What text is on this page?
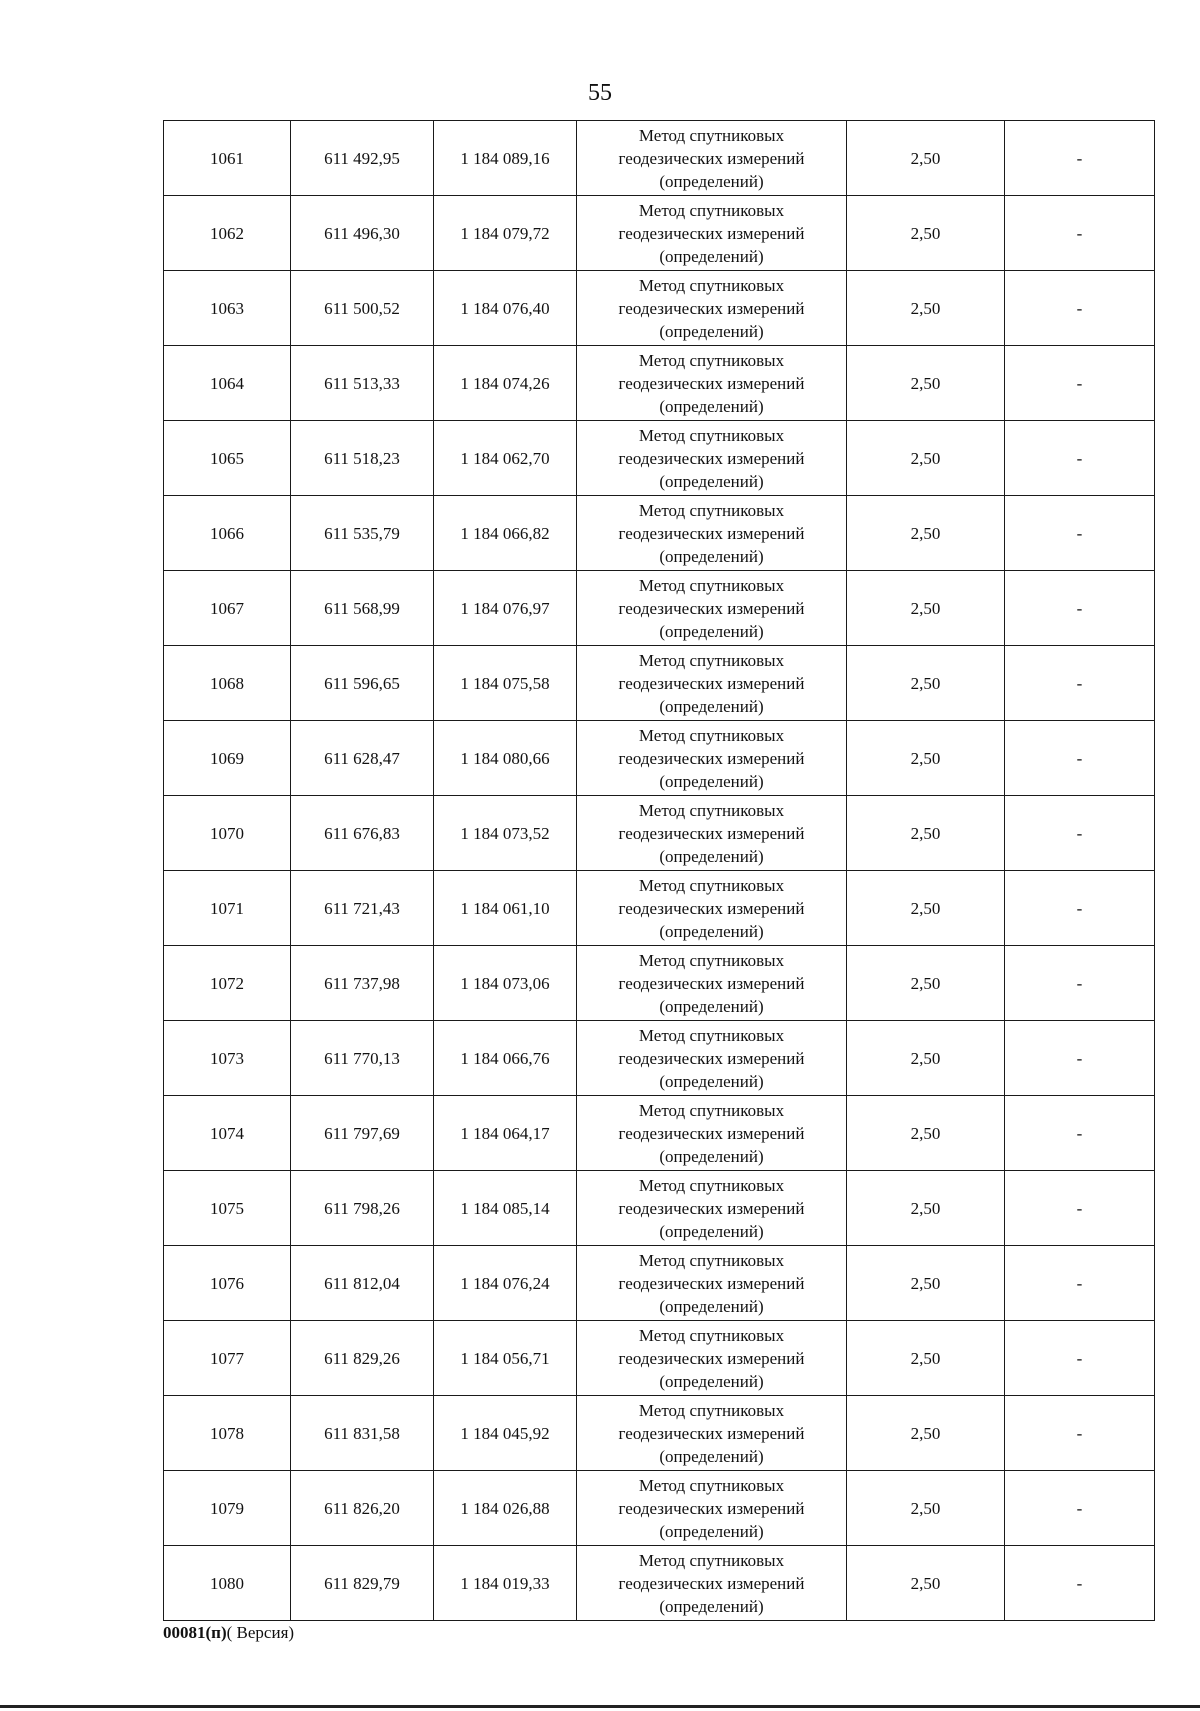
55
1061	611 492,95	1 184 089,16	Метод спутниковых
геодезических измерений
(определений)	2,50	-
1062	611 496,30	1 184 079,72	Метод спутниковых
геодезических измерений
(определений)	2,50	-
1063	611 500,52	1 184 076,40	Метод спутниковых
геодезических измерений
(определений)	2,50	-
1064	611 513,33	1 184 074,26	Метод спутниковых
геодезических измерений
(определений)	2,50	-
1065	611 518,23	1 184 062,70	Метод спутниковых
геодезических измерений
(определений)	2,50	-
1066	611 535,79	1 184 066,82	Метод спутниковых
геодезических измерений
(определений)	2,50	-
1067	611 568,99	1 184 076,97	Метод спутниковых
геодезических измерений
(определений)	2,50	-
1068	611 596,65	1 184 075,58	Метод спутниковых
геодезических измерений
(определений)	2,50	-
1069	611 628,47	1 184 080,66	Метод спутниковых
геодезических измерений
(определений)	2,50	-
1070	611 676,83	1 184 073,52	Метод спутниковых
геодезических измерений
(определений)	2,50	-
1071	611 721,43	1 184 061,10	Метод спутниковых
геодезических измерений
(определений)	2,50	-
1072	611 737,98	1 184 073,06	Метод спутниковых
геодезических измерений
(определений)	2,50	-
1073	611 770,13	1 184 066,76	Метод спутниковых
геодезических измерений
(определений)	2,50	-
1074	611 797,69	1 184 064,17	Метод спутниковых
геодезических измерений
(определений)	2,50	-
1075	611 798,26	1 184 085,14	Метод спутниковых
геодезических измерений
(определений)	2,50	-
1076	611 812,04	1 184 076,24	Метод спутниковых
геодезических измерений
(определений)	2,50	-
1077	611 829,26	1 184 056,71	Метод спутниковых
геодезических измерений
(определений)	2,50	-
1078	611 831,58	1 184 045,92	Метод спутниковых
геодезических измерений
(определений)	2,50	-
1079	611 826,20	1 184 026,88	Метод спутниковых
геодезических измерений
(определений)	2,50	-
1080	611 829,79	1 184 019,33	Метод спутниковых
геодезических измерений
(определений)	2,50	-
00081(п)( Версия)
